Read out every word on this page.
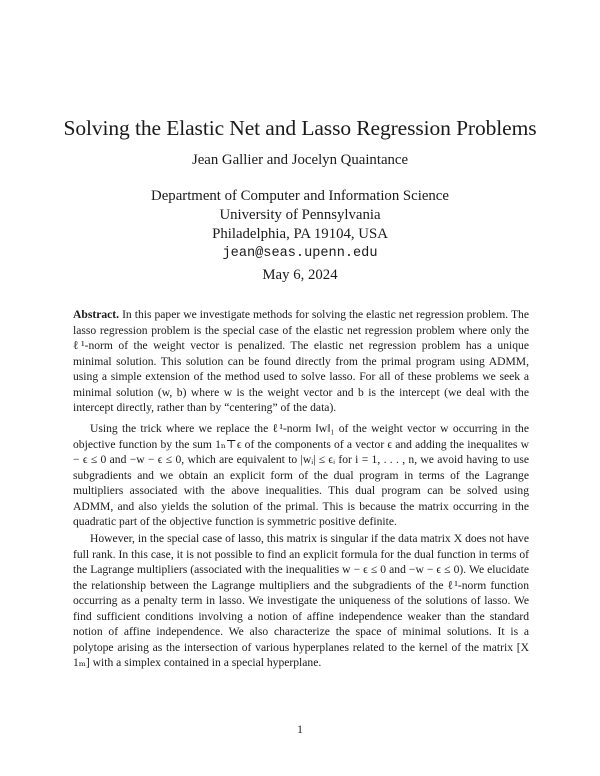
Solving the Elastic Net and Lasso Regression Problems
Jean Gallier and Jocelyn Quaintance
Department of Computer and Information Science
University of Pennsylvania
Philadelphia, PA 19104, USA
jean@seas.upenn.edu
May 6, 2024

Abstract. In this paper we investigate methods for solving the elastic net regression problem. The lasso regression problem is the special case of the elastic net regression problem where only the ℓ¹-norm of the weight vector is penalized. The elastic net regression problem has a unique minimal solution. This solution can be found directly from the primal program using ADMM, using a simple extension of the method used to solve lasso. For all of these problems we seek a minimal solution (w, b) where w is the weight vector and b is the intercept (we deal with the intercept directly, rather than by “centering” of the data).

Using the trick where we replace the ℓ¹-norm ‖w‖₁ of the weight vector w occurring in the objective function by the sum 1ₙ⊤ϵ of the components of a vector ϵ and adding the inequalites w − ϵ ≤ 0 and −w − ϵ ≤ 0, which are equivalent to |wᵢ| ≤ ϵᵢ for i = 1, . . . , n, we avoid having to use subgradients and we obtain an explicit form of the dual program in terms of the Lagrange multipliers associated with the above inequalities. This dual program can be solved using ADMM, and also yields the solution of the primal. This is because the matrix occurring in the quadratic part of the objective function is symmetric positive definite.

However, in the special case of lasso, this matrix is singular if the data matrix X does not have full rank. In this case, it is not possible to find an explicit formula for the dual function in terms of the Lagrange multipliers (associated with the inequalities w − ϵ ≤ 0 and −w − ϵ ≤ 0). We elucidate the relationship between the Lagrange multipliers and the subgradients of the ℓ¹-norm function occurring as a penalty term in lasso. We investigate the uniqueness of the solutions of lasso. We find sufficient conditions involving a notion of affine independence weaker than the standard notion of affine independence. We also characterize the space of minimal solutions. It is a polytope arising as the intersection of various hyperplanes related to the kernel of the matrix [X 1ₘ] with a simplex contained in a special hyperplane.

1
